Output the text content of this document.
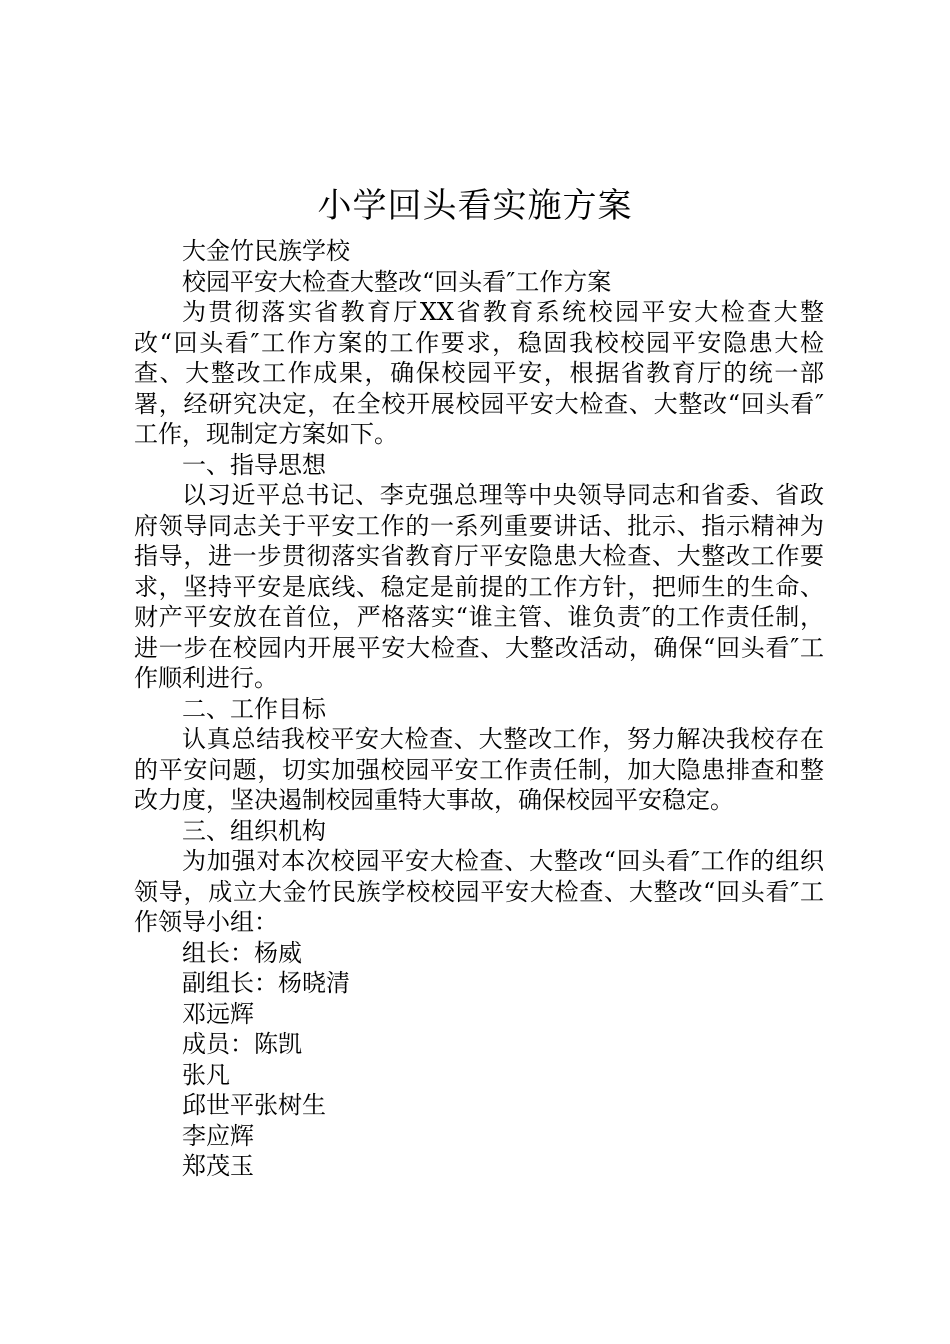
小学回头看实施方案

大金竹民族学校

校园平安大检查大整改“回头看″工作方案

为贯彻落实省教育厅XX省教育系统校园平安大检查大整改“回头看″工作方案的工作要求，稳固我校校园平安隐患大检查、大整改工作成果，确保校园平安，根据省教育厅的统一部署，经研究决定，在全校开展校园平安大检查、大整改“回头看″工作，现制定方案如下。

一、指导思想

以习近平总书记、李克强总理等中央领导同志和省委、省政府领导同志关于平安工作的一系列重要讲话、批示、指示精神为指导，进一步贯彻落实省教育厅平安隐患大检查、大整改工作要求，坚持平安是底线、稳定是前提的工作方针，把师生的生命、财产平安放在首位，严格落实“谁主管、谁负责″的工作责任制，进一步在校园内开展平安大检查、大整改活动，确保“回头看″工作顺利进行。

二、工作目标

认真总结我校平安大检查、大整改工作，努力解决我校存在的平安问题，切实加强校园平安工作责任制，加大隐患排查和整改力度，坚决遏制校园重特大事故，确保校园平安稳定。

三、组织机构

为加强对本次校园平安大检查、大整改“回头看″工作的组织领导，成立大金竹民族学校校园平安大检查、大整改“回头看″工作领导小组：

组长：杨威

副组长：杨晓清

邓远辉

成员：陈凯

张凡

邱世平张树生

李应辉

郑茂玉
